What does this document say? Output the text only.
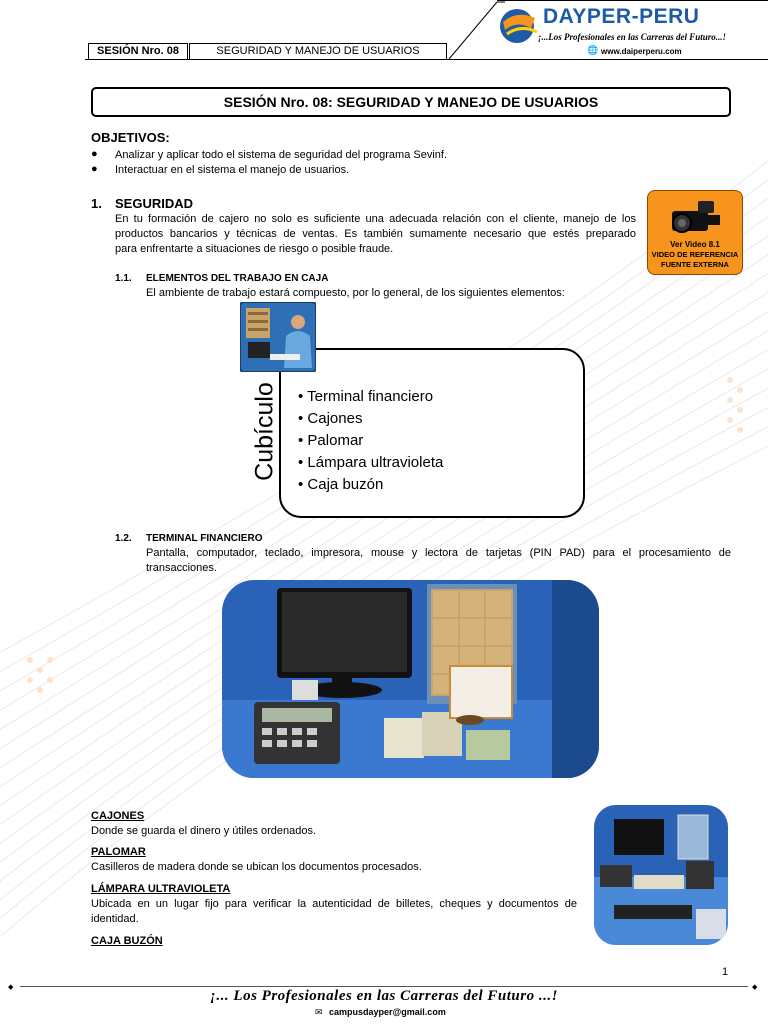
SESIÓN Nro. 08	SEGURIDAD Y MANEJO DE USUARIOS
DAYPER-PERU
¡...Los Profesionales en las Carreras del Futuro...!
🌐 www.daiperperu.com
SESIÓN Nro. 08: SEGURIDAD Y MANEJO DE USUARIOS
OBJETIVOS:
● Analizar y aplicar todo el sistema de seguridad del programa Sevinf.
● Interactuar en el sistema el manejo de usuarios.
1. SEGURIDAD
En tu formación de cajero no solo es suficiente una adecuada relación con el cliente, manejo de los
productos bancarios y técnicas de ventas. Es también sumamente necesario que estés preparado
para enfrentarte a situaciones de riesgo o posible fraude.	Ver Video 8.1
VIDEO DE REFERENCIA
FUENTE EXTERNA
1.1. ELEMENTOS DEL TRABAJO EN CAJA
El ambiente de trabajo estará compuesto, por lo general, de los siguientes elementos:
Cubículo • Terminal financiero
• Cajones
• Palomar
• Lámpara ultravioleta
• Caja buzón
1.2. TERMINAL FINANCIERO
Pantalla, computador, teclado, impresora, mouse y lectora de tarjetas (PIN PAD) para el procesamiento de
transacciones.
CAJONES
Donde se guarda el dinero y útiles ordenados.
PALOMAR
Casilleros de madera donde se ubican los documentos procesados.
LÁMPARA ULTRAVIOLETA
Ubicada en un lugar fijo para verificar la autenticidad de billetes, cheques y documentos de
identidad.
CAJA BUZÓN
1
◆	◆
¡... Los Profesionales en las Carreras del Futuro ...!
✉ campusdayper@gmail.com
